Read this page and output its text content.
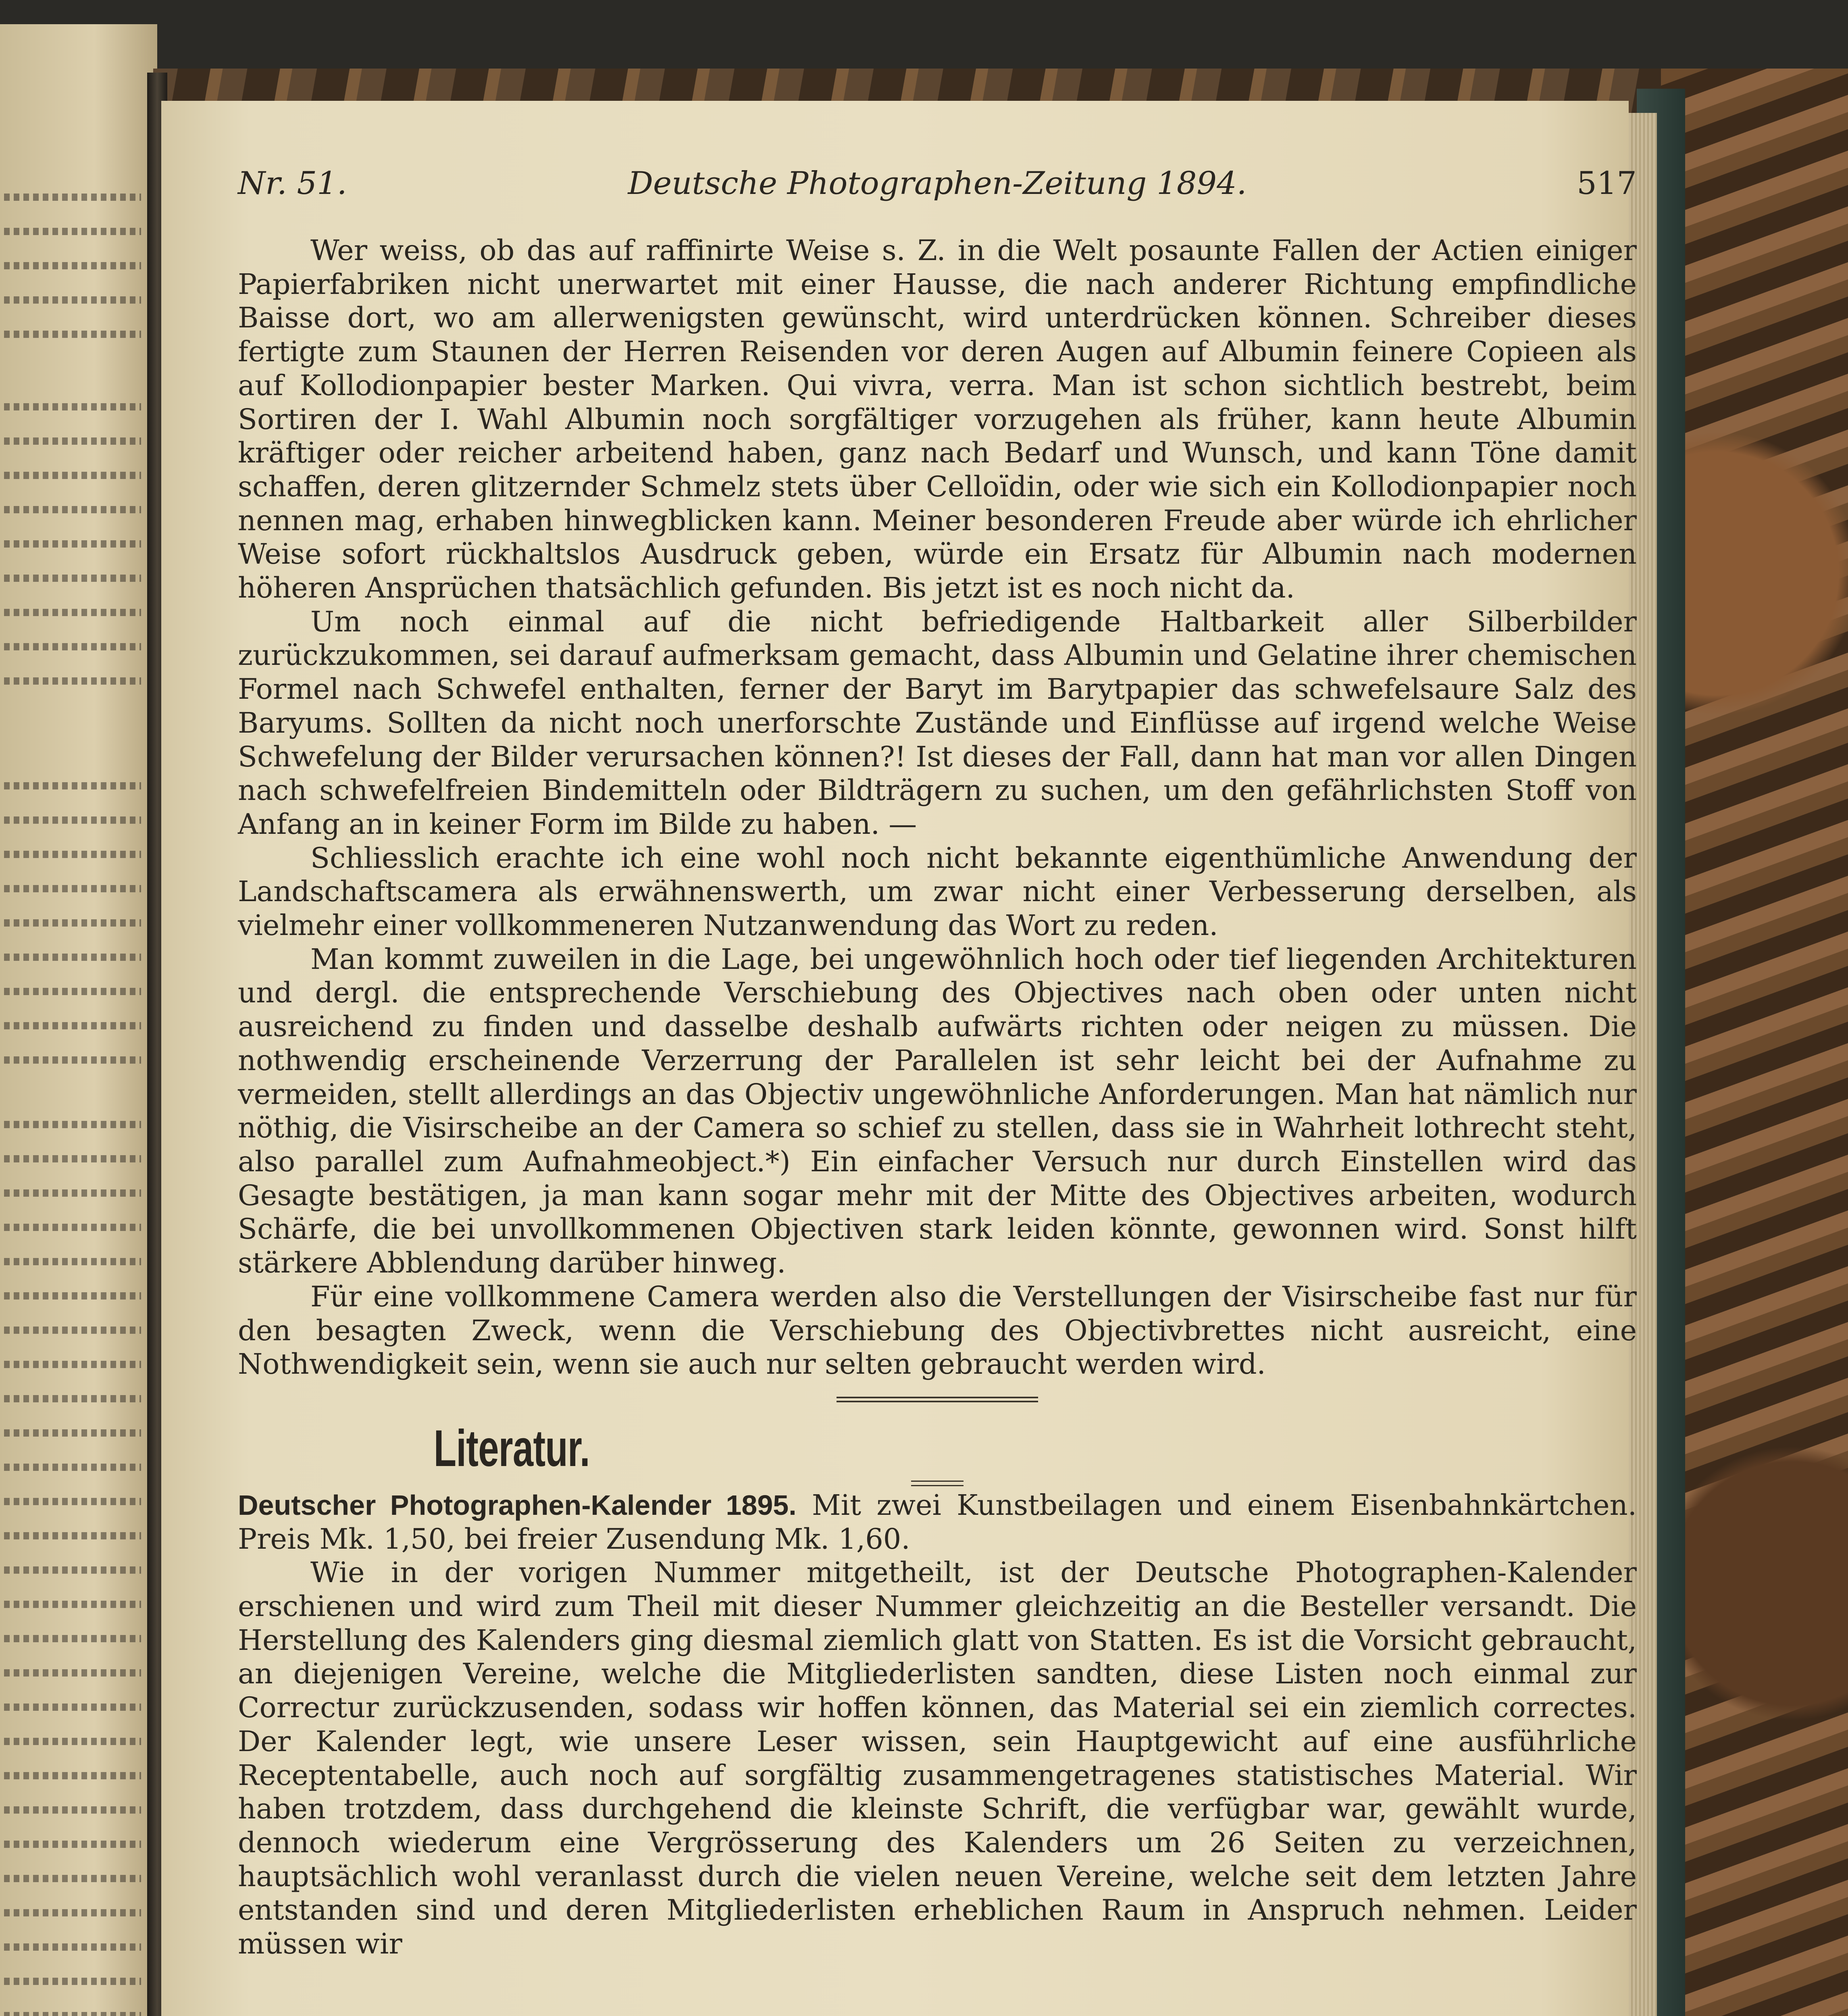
Nr. 51.	Deutsche Photographen-Zeitung 1894.	517

Wer weiss, ob das auf raffinirte Weise s. Z. in die Welt posaunte Fallen der Actien einiger Papierfabriken nicht unerwartet mit einer Hausse, die nach anderer Richtung empfindliche Baisse dort, wo am allerwenigsten gewünscht, wird unterdrücken können. Schreiber dieses fertigte zum Staunen der Herren Reisenden vor deren Augen auf Albumin feinere Copieen als auf Kollodionpapier bester Marken. Qui vivra, verra. Man ist schon sichtlich bestrebt, beim Sortiren der I. Wahl Albumin noch sorgfältiger vorzugehen als früher, kann heute Albumin kräftiger oder reicher arbeitend haben, ganz nach Bedarf und Wunsch, und kann Töne damit schaffen, deren glitzernder Schmelz stets über Celloïdin, oder wie sich ein Kollodionpapier noch nennen mag, erhaben hinwegblicken kann. Meiner besonderen Freude aber würde ich ehrlicher Weise sofort rückhaltslos Ausdruck geben, würde ein Ersatz für Albumin nach modernen höheren Ansprüchen thatsächlich gefunden. Bis jetzt ist es noch nicht da.

Um noch einmal auf die nicht befriedigende Haltbarkeit aller Silberbilder zurückzukommen, sei darauf aufmerksam gemacht, dass Albumin und Gelatine ihrer chemischen Formel nach Schwefel enthalten, ferner der Baryt im Barytpapier das schwefelsaure Salz des Baryums. Sollten da nicht noch unerforschte Zustände und Einflüsse auf irgend welche Weise Schwefelung der Bilder verursachen können?! Ist dieses der Fall, dann hat man vor allen Dingen nach schwefelfreien Bindemitteln oder Bildträgern zu suchen, um den gefährlichsten Stoff von Anfang an in keiner Form im Bilde zu haben. —

Schliesslich erachte ich eine wohl noch nicht bekannte eigenthümliche Anwendung der Landschaftscamera als erwähnenswerth, um zwar nicht einer Verbesserung derselben, als vielmehr einer vollkommeneren Nutzanwendung das Wort zu reden.

Man kommt zuweilen in die Lage, bei ungewöhnlich hoch oder tief liegenden Architekturen und dergl. die entsprechende Verschiebung des Objectives nach oben oder unten nicht ausreichend zu finden und dasselbe deshalb aufwärts richten oder neigen zu müssen. Die nothwendig erscheinende Verzerrung der Parallelen ist sehr leicht bei der Aufnahme zu vermeiden, stellt allerdings an das Objectiv ungewöhnliche Anforderungen. Man hat nämlich nur nöthig, die Visirscheibe an der Camera so schief zu stellen, dass sie in Wahrheit lothrecht steht, also parallel zum Aufnahmeobject.*) Ein einfacher Versuch nur durch Einstellen wird das Gesagte bestätigen, ja man kann sogar mehr mit der Mitte des Objectives arbeiten, wodurch Schärfe, die bei unvollkommenen Objectiven stark leiden könnte, gewonnen wird. Sonst hilft stärkere Abblendung darüber hinweg.

Für eine vollkommene Camera werden also die Verstellungen der Visirscheibe fast nur für den besagten Zweck, wenn die Verschiebung des Objectivbrettes nicht ausreicht, eine Nothwendigkeit sein, wenn sie auch nur selten gebraucht werden wird.

Literatur.

Deutscher Photographen-Kalender 1895. Mit zwei Kunstbeilagen und einem Eisenbahnkärtchen. Preis Mk. 1,50, bei freier Zusendung Mk. 1,60.

Wie in der vorigen Nummer mitgetheilt, ist der Deutsche Photographen-Kalender erschienen und wird zum Theil mit dieser Nummer gleichzeitig an die Besteller versandt. Die Herstellung des Kalenders ging diesmal ziemlich glatt von Statten. Es ist die Vorsicht gebraucht, an diejenigen Vereine, welche die Mitgliederlisten sandten, diese Listen noch einmal zur Correctur zurückzusenden, sodass wir hoffen können, das Material sei ein ziemlich correctes. Der Kalender legt, wie unsere Leser wissen, sein Hauptgewicht auf eine ausführliche Receptentabelle, auch noch auf sorgfältig zusammengetragenes statistisches Material. Wir haben trotzdem, dass durchgehend die kleinste Schrift, die verfügbar war, gewählt wurde, dennoch wiederum eine Vergrösserung des Kalenders um 26 Seiten zu verzeichnen, hauptsächlich wohl veranlasst durch die vielen neuen Vereine, welche seit dem letzten Jahre entstanden sind und deren Mitgliederlisten erheblichen Raum in Anspruch nehmen. Leider müssen wir
